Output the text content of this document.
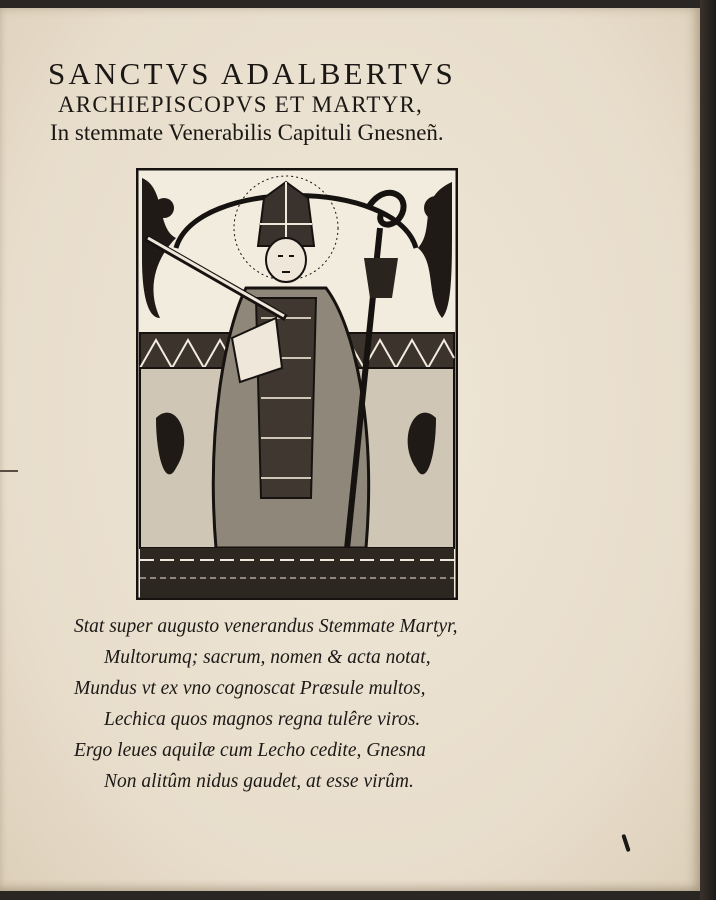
SANCTVS ADALBERTVS
ARCHIEPISCOPVS ET MARTYR,
In stemmate Venerabilis Capituli Gnesneñ.
Stat super augusto venerandus Stemmate Martyr,
Multorumq; sacrum, nomen & acta notat,
Mundus vt ex vno cognoscat Præsule multos,
Lechica quos magnos regna tulêre viros.
Ergo leues aquilæ cum Lecho cedite, Gnesna
Non alitûm nidus gaudet, at esse virûm.
